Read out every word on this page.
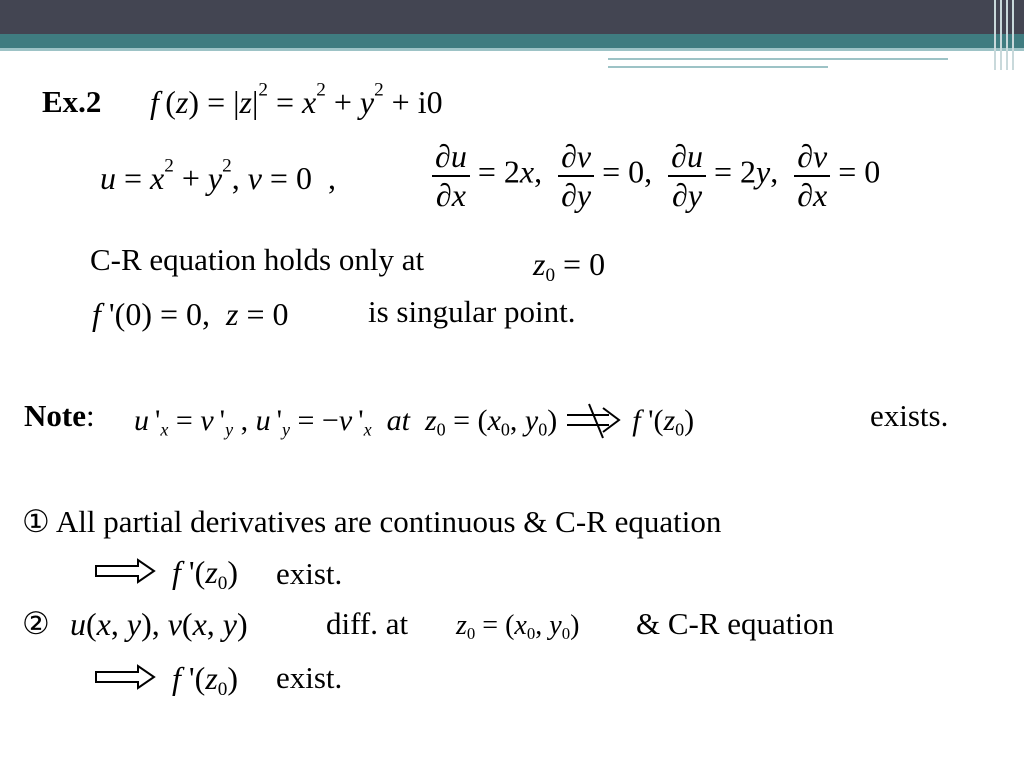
Ex.2 f $(z) = |z|^2 = x^2 + y^2 + i0$
$u = x^2 + y^2$, v = 0  ,	$\frac{\partial u}{\partial x} = 2x$, $\frac{\partial v}{\partial y} = 0$, $\frac{\partial u}{\partial y} = 2y$, $\frac{\partial v}{\partial x} = 0$
C-R equation holds only at	$z_0 = 0$
f '(0) = 0,  z = 0	is singular point.
Note: u '$_x = v$ '$_y$ , u '$_y = -v$ '$_x$ at $z_0 = (x_0$, $y_0$)  f '$(z_0)$	exists.
① All partial derivatives are continuous & C-R equation
f '$(z_0)$ exist.
② u(x, y), v(x, y)	diff. at $z_0 = (x_0$, $y_0$) & C-R equation
f '$(z_0)$ exist.
